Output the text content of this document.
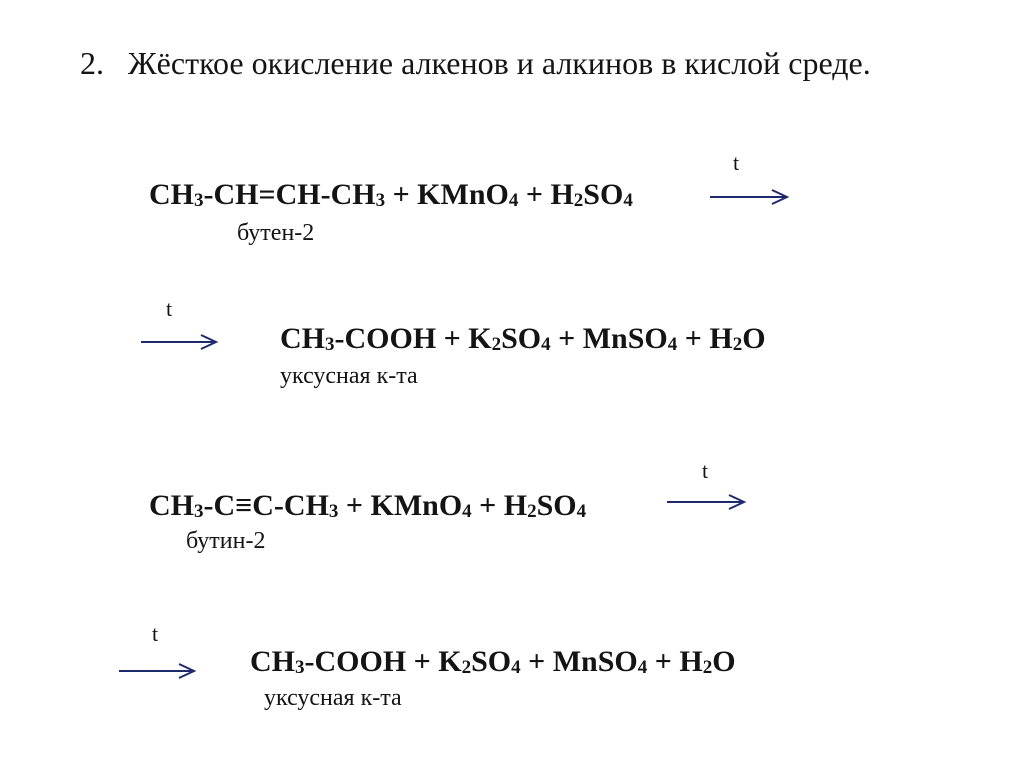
2. Жёсткое окисление алкенов и алкинов в кислой среде.
t
CH3-CH=CH-CH3 + KMnO4 + H2SO4
бутен-2
t
CH3-COOH + K2SO4 + MnSO4 + H2O
уксусная к-та
t
CH3-C≡C-CH3 + KMnO4 + H2SO4
бутин-2
t
CH3-COOH + K2SO4 + MnSO4 + H2O
уксусная к-та
